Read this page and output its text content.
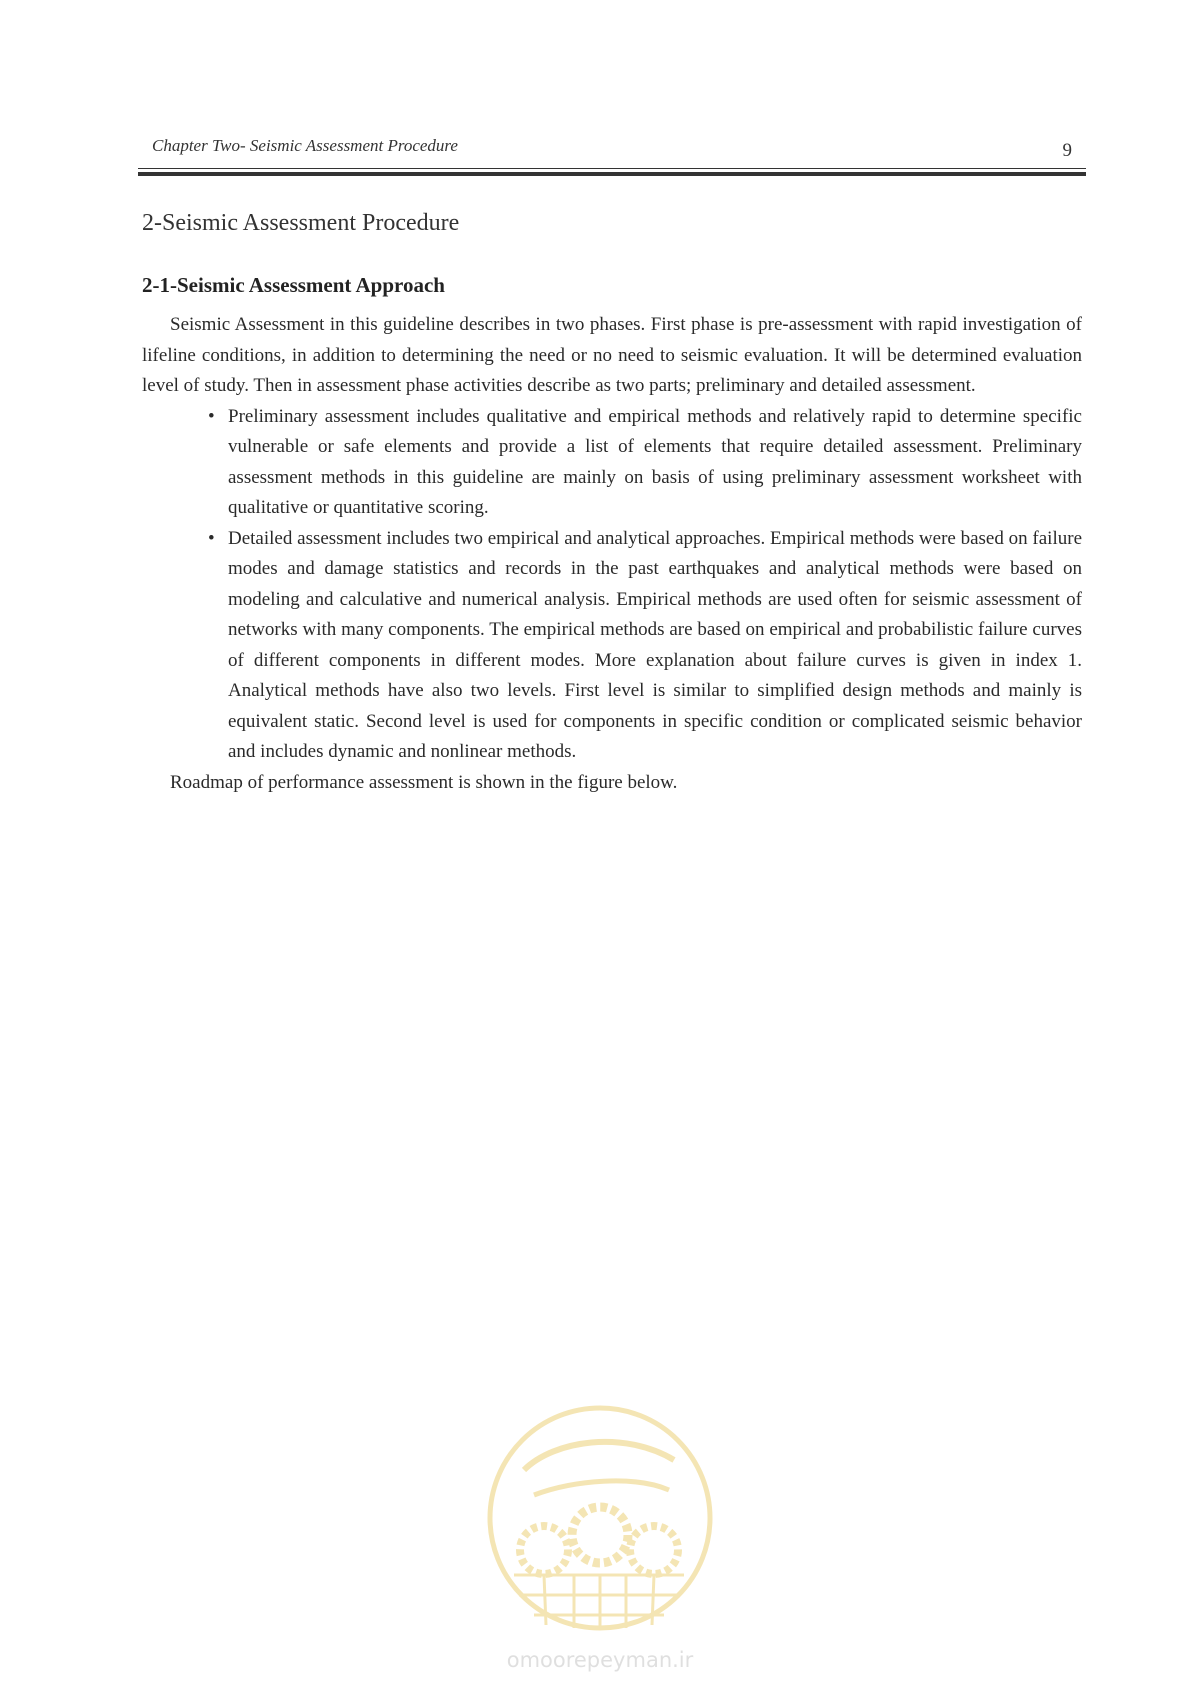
Chapter Two- Seismic Assessment Procedure	9
2-Seismic Assessment Procedure
2-1-Seismic Assessment Approach

Seismic Assessment in this guideline describes in two phases. First phase is pre-assessment with rapid investigation of lifeline conditions, in addition to determining the need or no need to seismic evaluation. It will be determined evaluation level of study. Then in assessment phase activities describe as two parts; preliminary and detailed assessment.

• Preliminary assessment includes qualitative and empirical methods and relatively rapid to determine specific vulnerable or safe elements and provide a list of elements that require detailed assessment. Preliminary assessment methods in this guideline are mainly on basis of using preliminary assessment worksheet with qualitative or quantitative scoring.
• Detailed assessment includes two empirical and analytical approaches. Empirical methods were based on failure modes and damage statistics and records in the past earthquakes and analytical methods were based on modeling and calculative and numerical analysis. Empirical methods are used often for seismic assessment of networks with many components. The empirical methods are based on empirical and probabilistic failure curves of different components in different modes. More explanation about failure curves is given in index 1. Analytical methods have also two levels. First level is similar to simplified design methods and mainly is equivalent static. Second level is used for components in specific condition or complicated seismic behavior and includes dynamic and nonlinear methods.

Roadmap of performance assessment is shown in the figure below.

omoorepeyman.ir
